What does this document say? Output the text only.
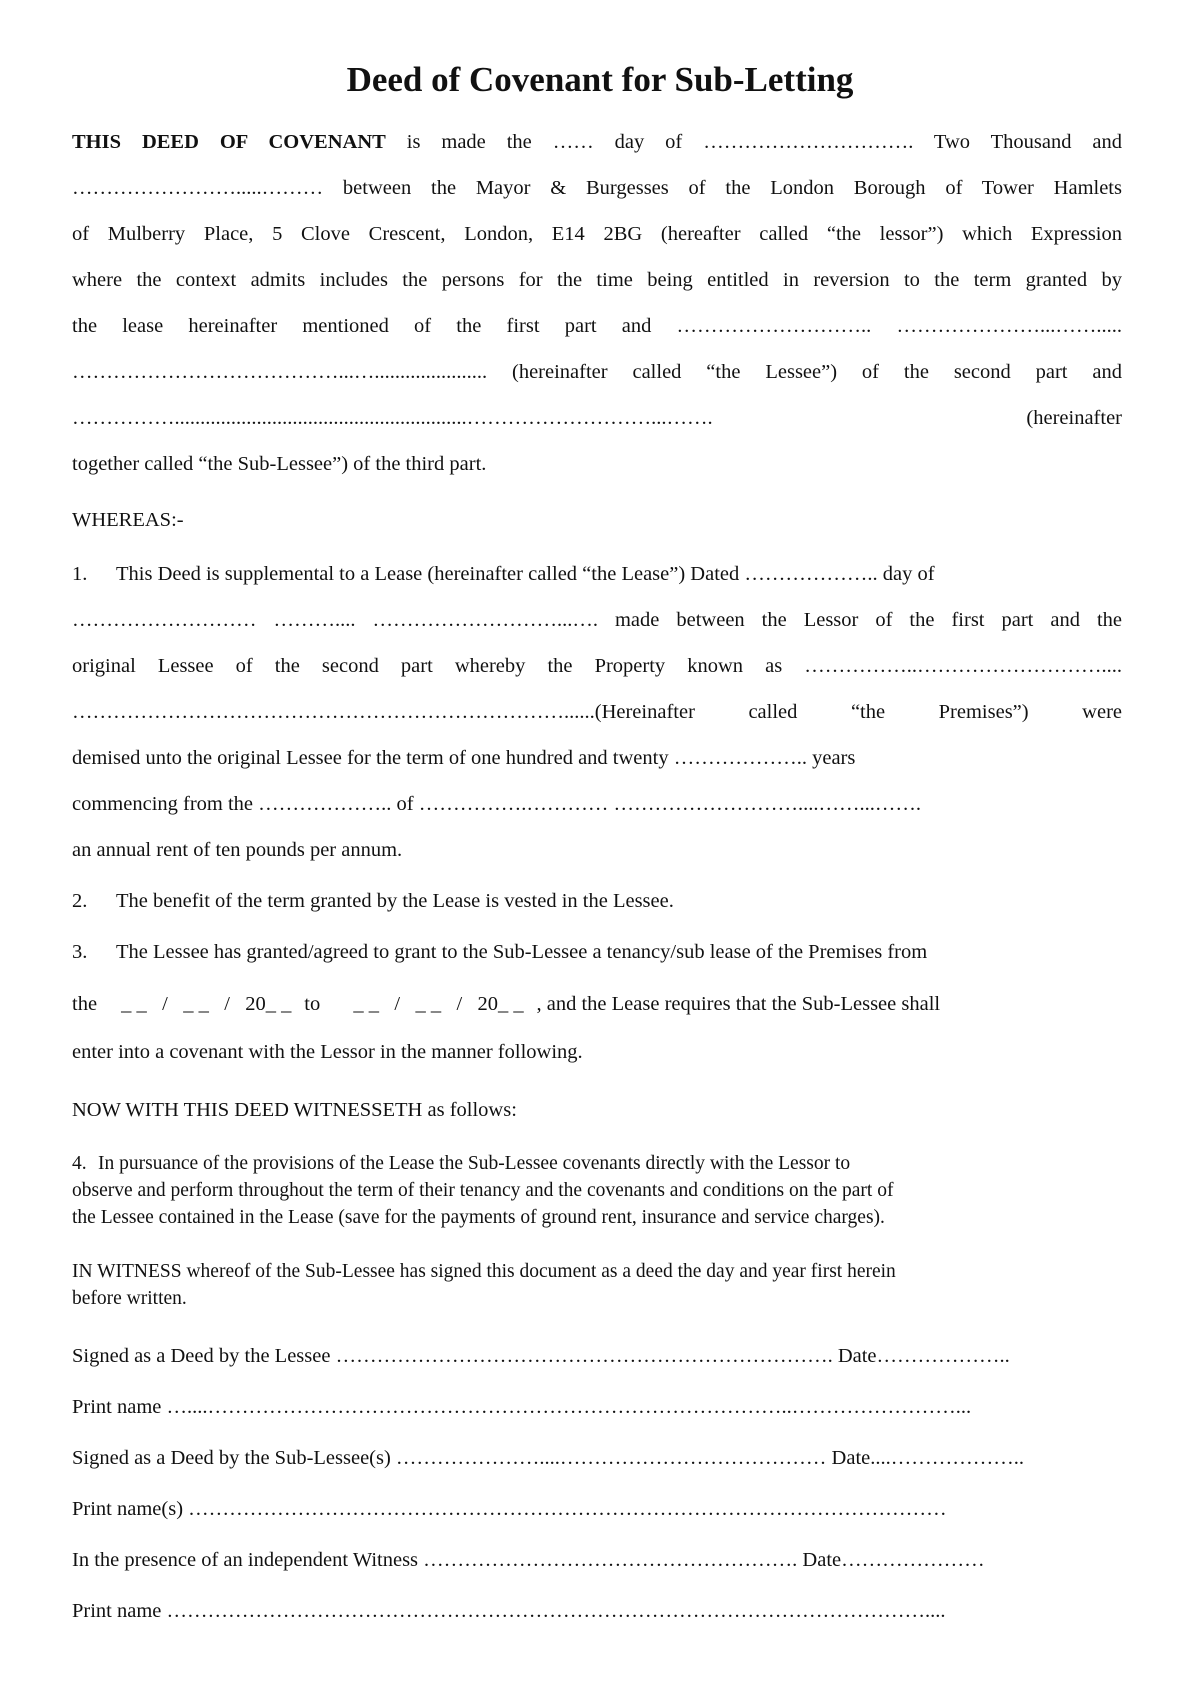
Deed of Covenant for Sub-Letting
THIS DEED OF COVENANT is made the …… day of …………………………. Two Thousand and
…………………….....……… between the Mayor & Burgesses of the London Borough of Tower Hamlets
of Mulberry Place, 5 Clove Crescent, London, E14 2BG (hereafter called “the lessor”) which Expression
where the context admits includes the persons for the time being entitled in reversion to the term granted by
the lease hereinafter mentioned of the first part and ……………………….. …………………...…….....
…………………………………...…...................... (hereinafter called “the Lessee”) of the second part and
…………….........................................................………………………...……. (hereinafter
together called “the Sub-Lessee”) of the third part.
WHEREAS:-
1. This Deed is supplemental to a Lease (hereinafter called “the Lease”) Dated ……………….. day of
……………………… ……….... ………………………...…. made between the Lessor of the first part and the
original Lessee of the second part whereby the Property known as ……………..………………………....
………………………………………………………………......(Hereinafter called “the Premises”) were
demised unto the original Lessee for the term of one hundred and twenty ……………….. years
commencing from the ……………….. of …………….………… ………………………....……...…….
an annual rent of ten pounds per annum.
2. The benefit of the term granted by the Lease is vested in the Lessee.
3. The Lessee has granted/agreed to grant to the Sub-Lessee a tenancy/sub lease of the Premises from
the _ _   /   _ _   /   20_ _ to _ _   /   _ _   /   20_ _ , and the Lease requires that the Sub-Lessee shall
enter into a covenant with the Lessor in the manner following.
NOW WITH THIS DEED WITNESSETH as follows:
4. In pursuance of the provisions of the Lease the Sub-Lessee covenants directly with the Lessor to
observe and perform throughout the term of their tenancy and the covenants and conditions on the part of
the Lessee contained in the Lease (save for the payments of ground rent, insurance and service charges).
IN WITNESS whereof of the Sub-Lessee has signed this document as a deed the day and year first herein
before written.
Signed as a Deed by the Lessee ………………………………………………………………. Date………………..
Print name …....…………………………………………………………………………..……………………...
Signed as a Deed by the Sub-Lessee(s) …………………....………………………………… Date....………………..
Print name(s) …………………………………………………………………………………………………
In the presence of an independent Witness ………………………………………………. Date…………………
Print name …………………………………………………………………………………………………....
